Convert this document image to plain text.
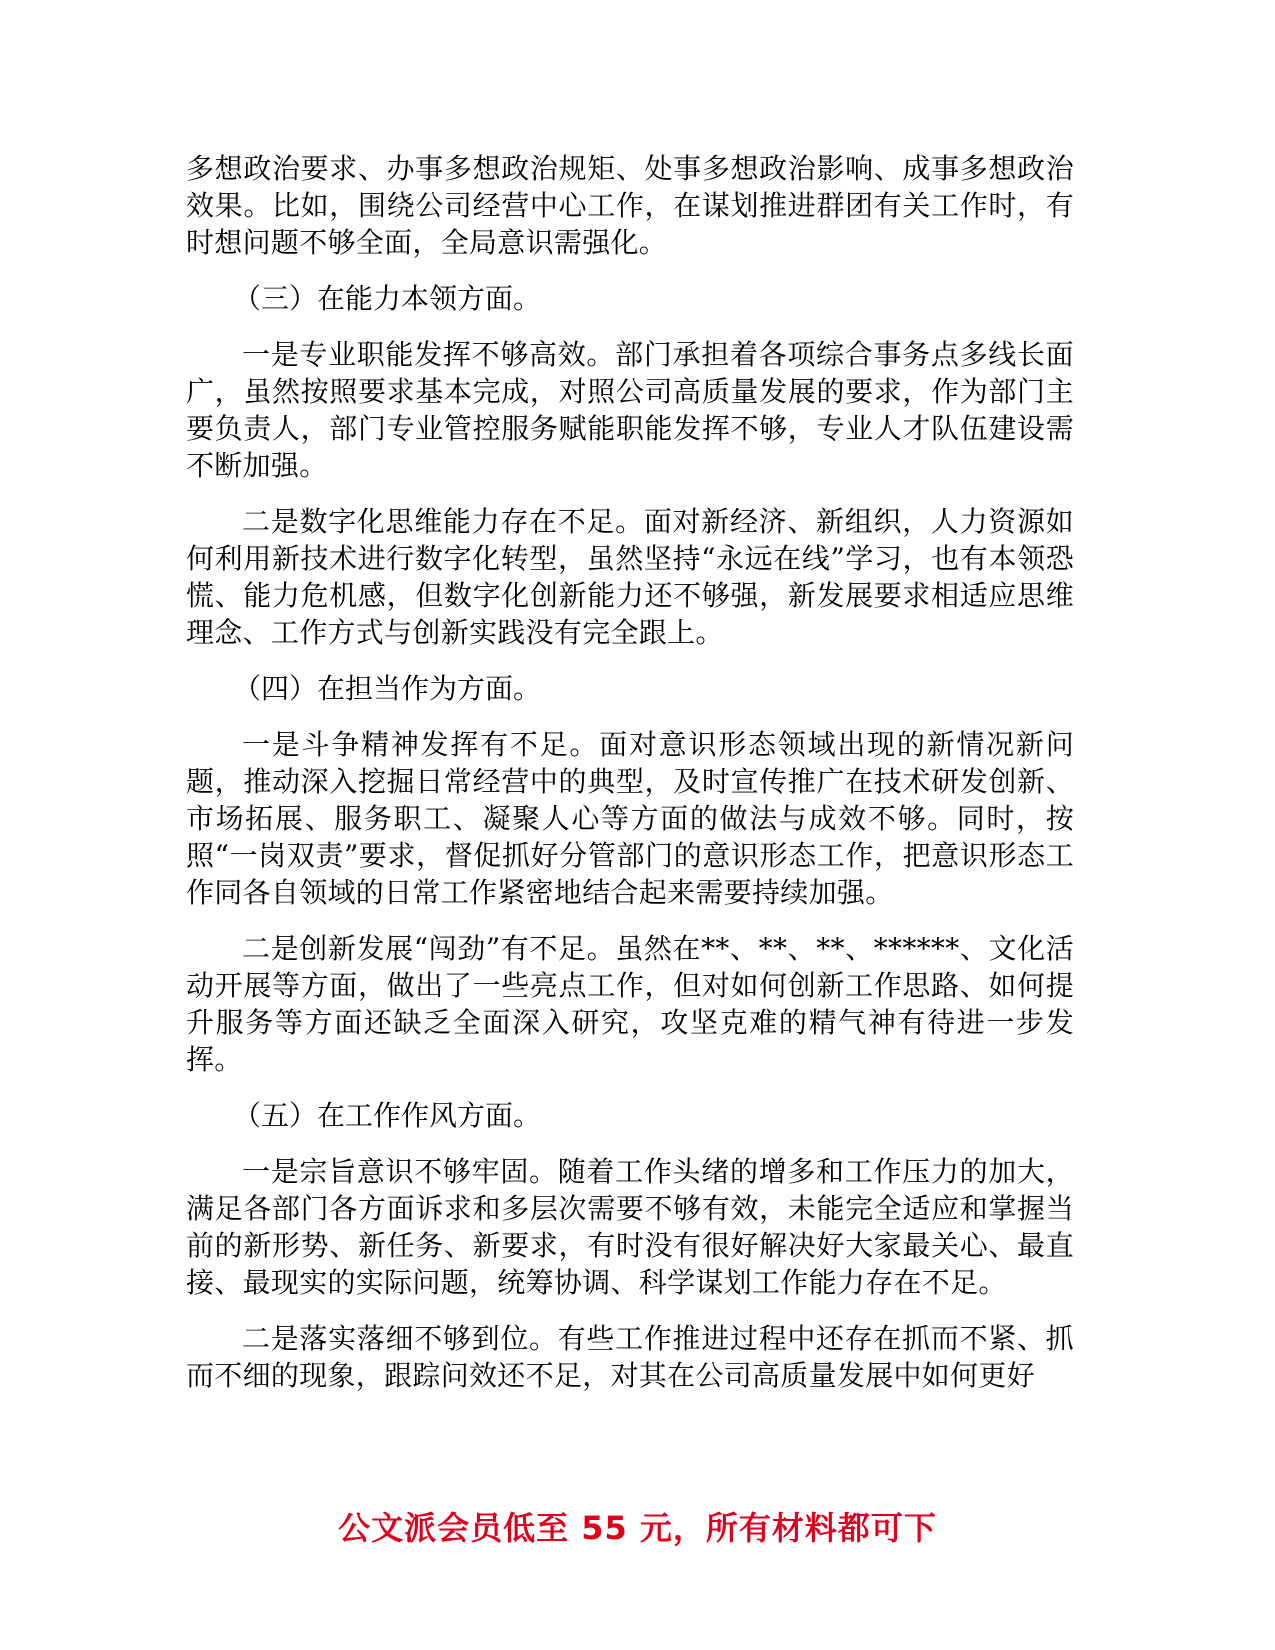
多想政治要求、办事多想政治规矩、处事多想政治影响、成事多想政治效果。比如，围绕公司经营中心工作，在谋划推进群团有关工作时，有时想问题不够全面，全局意识需强化。

（三）在能力本领方面。

一是专业职能发挥不够高效。部门承担着各项综合事务点多线长面广，虽然按照要求基本完成，对照公司高质量发展的要求，作为部门主要负责人，部门专业管控服务赋能职能发挥不够，专业人才队伍建设需不断加强。

二是数字化思维能力存在不足。面对新经济、新组织，人力资源如何利用新技术进行数字化转型，虽然坚持“永远在线”学习，也有本领恐慌、能力危机感，但数字化创新能力还不够强，新发展要求相适应思维理念、工作方式与创新实践没有完全跟上。

（四）在担当作为方面。

一是斗争精神发挥有不足。面对意识形态领域出现的新情况新问题，推动深入挖掘日常经营中的典型，及时宣传推广在技术研发创新、市场拓展、服务职工、凝聚人心等方面的做法与成效不够。同时，按照“一岗双责”要求，督促抓好分管部门的意识形态工作，把意识形态工作同各自领域的日常工作紧密地结合起来需要持续加强。

二是创新发展“闯劲”有不足。虽然在**、**、**、******、文化活动开展等方面，做出了一些亮点工作，但对如何创新工作思路、如何提升服务等方面还缺乏全面深入研究，攻坚克难的精气神有待进一步发挥。

（五）在工作作风方面。

一是宗旨意识不够牢固。随着工作头绪的增多和工作压力的加大，满足各部门各方面诉求和多层次需要不够有效，未能完全适应和掌握当前的新形势、新任务、新要求，有时没有很好解决好大家最关心、最直接、最现实的实际问题，统筹协调、科学谋划工作能力存在不足。

二是落实落细不够到位。有些工作推进过程中还存在抓而不紧、抓而不细的现象，跟踪问效还不足，对其在公司高质量发展中如何更好

公文派会员低至 55 元，所有材料都可下
